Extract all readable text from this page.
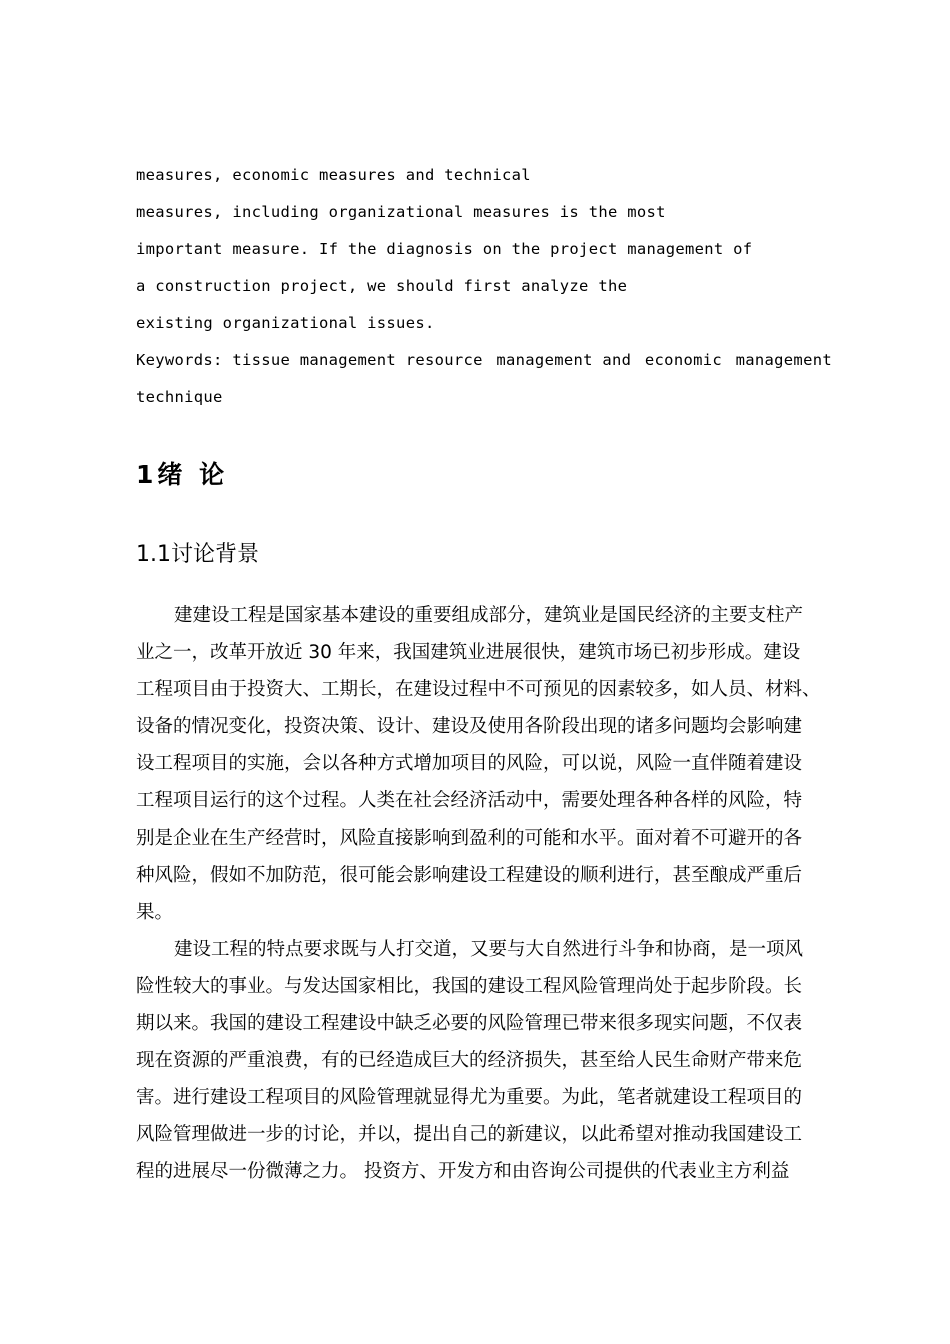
measures, economic measures and technical
measures, including organizational measures is the most
important measure. If the diagnosis on the project management of
a construction project, we should first analyze the
existing organizational issues.
Keywords: tissue management resource management and economic management
technique
1绪 论
1.1讨论背景
建建设工程是国家基本建设的重要组成部分，建筑业是国民经济的主要支柱产
业之一，改革开放近 30 年来，我国建筑业进展很快，建筑市场已初步形成。建设
工程项目由于投资大、工期长，在建设过程中不可预见的因素较多，如人员、材料、
设备的情况变化，投资决策、设计、建设及使用各阶段出现的诸多问题均会影响建
设工程项目的实施，会以各种方式增加项目的风险，可以说，风险一直伴随着建设
工程项目运行的这个过程。人类在社会经济活动中，需要处理各种各样的风险，特
别是企业在生产经营时，风险直接影响到盈利的可能和水平。面对着不可避开的各
种风险，假如不加防范，很可能会影响建设工程建设的顺利进行，甚至酿成严重后
果。
建设工程的特点要求既与人打交道，又要与大自然进行斗争和协商，是一项风
险性较大的事业。与发达国家相比，我国的建设工程风险管理尚处于起步阶段。长
期以来。我国的建设工程建设中缺乏必要的风险管理已带来很多现实问题，不仅表
现在资源的严重浪费，有的已经造成巨大的经济损失，甚至给人民生命财产带来危
害。进行建设工程项目的风险管理就显得尤为重要。为此，笔者就建设工程项目的
风险管理做进一步的讨论，并以，提出自己的新建议，以此希望对推动我国建设工
程的进展尽一份微薄之力。 投资方、开发方和由咨询公司提供的代表业主方利益
